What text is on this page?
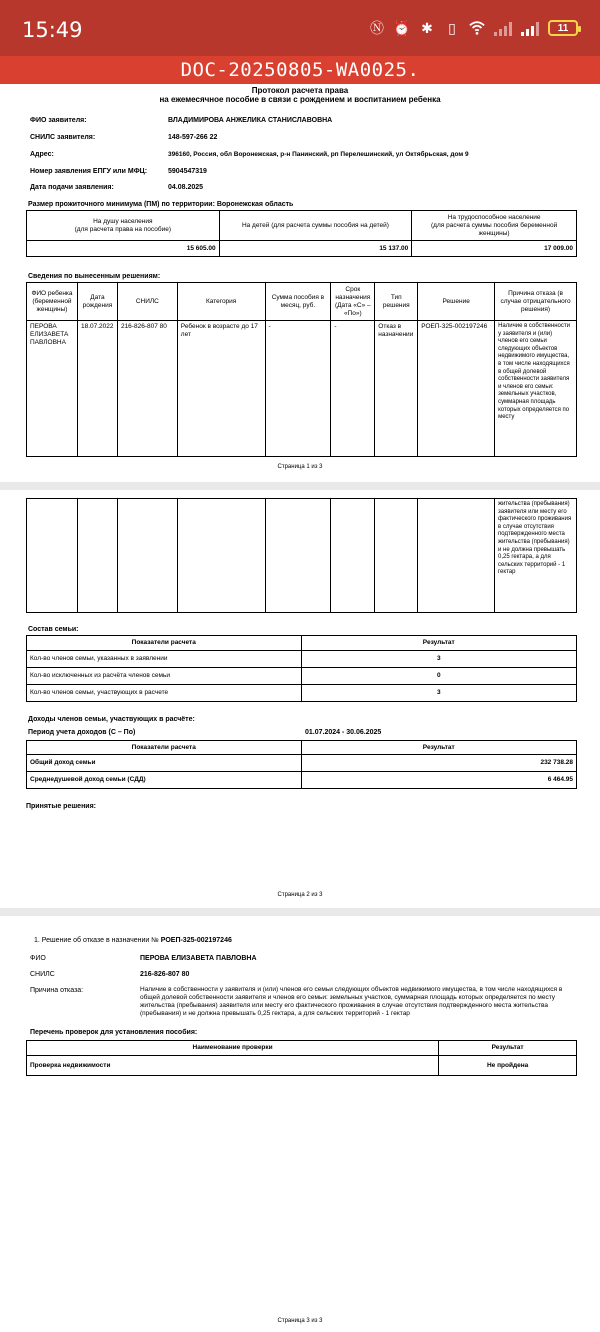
15:49	Ⓝ ⏰ ✱ ▯	11
DOC-20250805-WA0025.
Протокол расчета права
на ежемесячное пособие в связи с рождением и воспитанием ребенка
ФИО заявителя:	ВЛАДИМИРОВА АНЖЕЛИКА СТАНИСЛАВОВНА
СНИЛС заявителя:	148-597-266 22
Адрес:	396160, Россия, обл Воронежская, р-н Панинский, рп Перелешинский, ул Октябрьская, дом 9
Номер заявления ЕПГУ или МФЦ:	5904547319
Дата подачи заявления:	04.08.2025
Размер прожиточного минимума (ПМ) по территории: Воронежская область
На душу населения
(для расчета права на пособие)	На детей (для расчета суммы пособия на детей)	На трудоспособное население
(для расчета суммы пособия беременной женщины)
15 605.00	15 137.00	17 009.00
Сведения по вынесенным решениям:
ФИО ребенка (беременной женщины)	Дата рождения	СНИЛС	Категория	Сумма пособия в месяц, руб.	Срок назначения (Дата «С» – «По»)	Тип решения	Решение	Причина отказа (в случае отрицательного решения)
ПЕРОВА ЕЛИЗАВЕТА ПАВЛОВНА	18.07.2022	216-826-807 80	Ребенок в возрасте до 17 лет	-	-	Отказ в назначении	РОЕП-325-002197246	Наличие в собственности у заявителя и (или) членов его семьи следующих объектов недвижимого имущества, в том числе находящихся в общей долевой собственности заявителя и членов его семьи: земельных участков, суммарная площадь которых определяется по месту
Страница 1 из 3
								жительства (пребывания) заявителя или месту его фактического проживания в случае отсутствия подтвержденного места жительства (пребывания) и не должна превышать 0,25 гектара, а для сельских территорий - 1 гектар
Состав семьи:
Показатели расчета	Результат
Кол-во членов семьи, указанных в заявлении	3
Кол-во исключенных из расчёта членов семьи	0
Кол-во членов семьи, участвующих в расчете	3
Доходы членов семьи, участвующих в расчёте:
Период учета доходов (С – По)	01.07.2024 - 30.06.2025
Показатели расчета	Результат
Общий доход семьи	232 738.28
Среднедушевой доход семьи (СДД)	6 464.95
Принятые решения:
Страница 2 из 3
1. Решение об отказе в назначении № РОЕП-325-002197246
ФИО	ПЕРОВА ЕЛИЗАВЕТА ПАВЛОВНА
СНИЛС	216-826-807 80
Причина отказа:	Наличие в собственности у заявителя и (или) членов его семьи следующих объектов недвижимого имущества, в том числе находящихся в общей долевой собственности заявителя и членов его семьи: земельных участков, суммарная площадь которых определяется по месту жительства (пребывания) заявителя или месту его фактического проживания в случае отсутствия подтвержденного места жительства (пребывания) и не должна превышать 0,25 гектара, а для сельских территорий - 1 гектар
Перечень проверок для установления пособия:
Наименование проверки	Результат
Проверка недвижимости	Не пройдена
Страница 3 из 3
